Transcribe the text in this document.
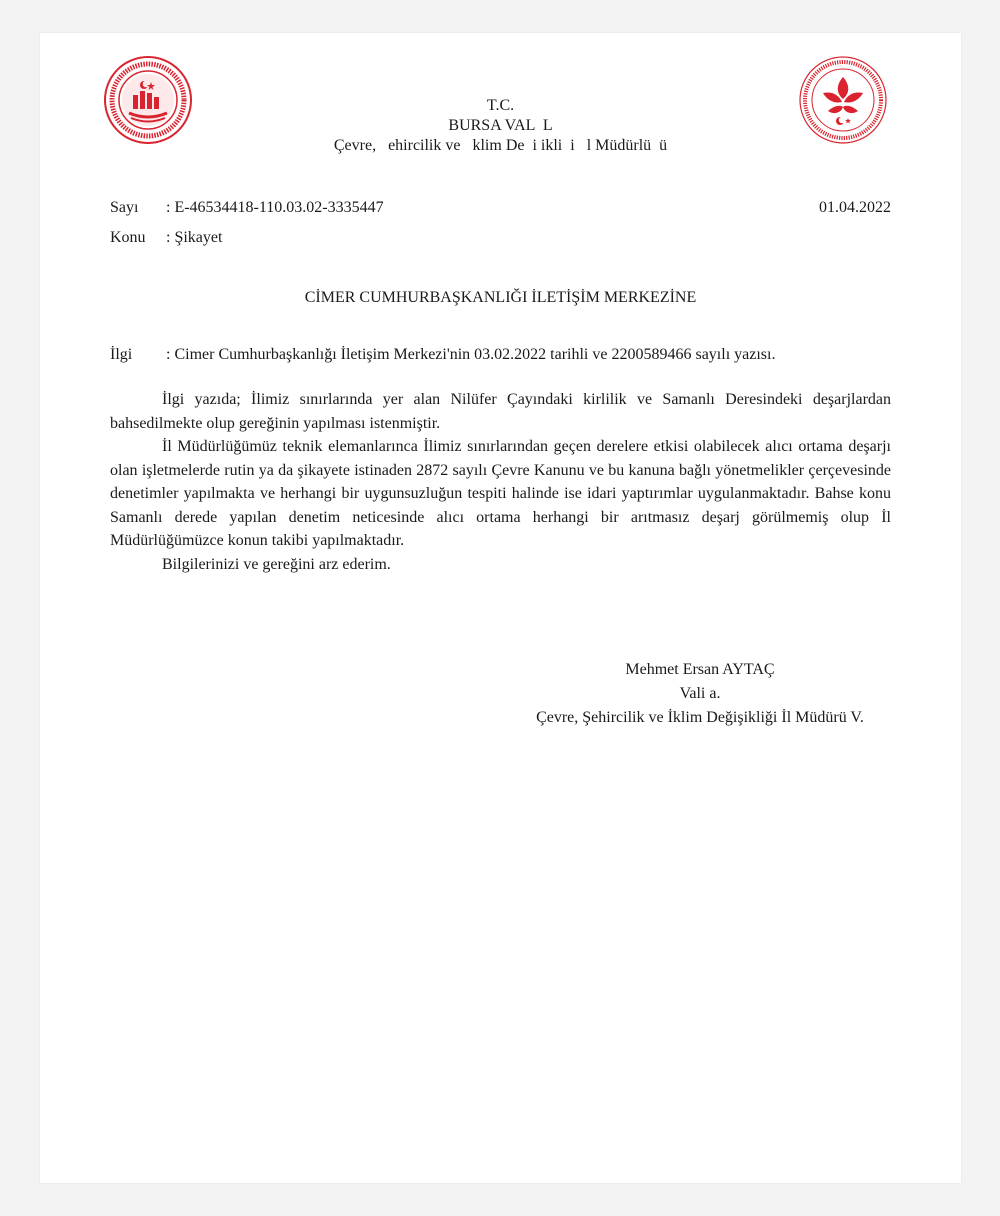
T.C.
BURSA VAL  L
Çevre,   ehircilik ve   klim De  i ikli  i   l Müdürlü  ü
Sayı : E-46534418-110.03.02-3335447	01.04.2022
Konu : Şikayet
CİMER CUMHURBAŞKANLIĞI İLETİŞİM MERKEZİNE
İlgi : Cimer Cumhurbaşkanlığı İletişim Merkezi'nin 03.02.2022 tarihli ve 2200589466 sayılı yazısı.

İlgi yazıda; İlimiz sınırlarında yer alan Nilüfer Çayındaki kirlilik ve Samanlı Deresindeki deşarjlardan bahsedilmekte olup gereğinin yapılması istenmiştir.

İl Müdürlüğümüz teknik elemanlarınca İlimiz sınırlarından geçen derelere etkisi olabilecek alıcı ortama deşarjı olan işletmelerde rutin ya da şikayete istinaden 2872 sayılı Çevre Kanunu ve bu kanuna bağlı yönetmelikler çerçevesinde denetimler yapılmakta ve herhangi bir uygunsuzluğun tespiti halinde ise idari yaptırımlar uygulanmaktadır. Bahse konu Samanlı derede yapılan denetim neticesinde alıcı ortama herhangi bir arıtmasız deşarj görülmemiş olup İl Müdürlüğümüzce konun takibi yapılmaktadır.

Bilgilerinizi ve gereğini arz ederim.

Mehmet Ersan AYTAÇ
Vali a.
Çevre, Şehircilik ve İklim Değişikliği İl Müdürü V.
